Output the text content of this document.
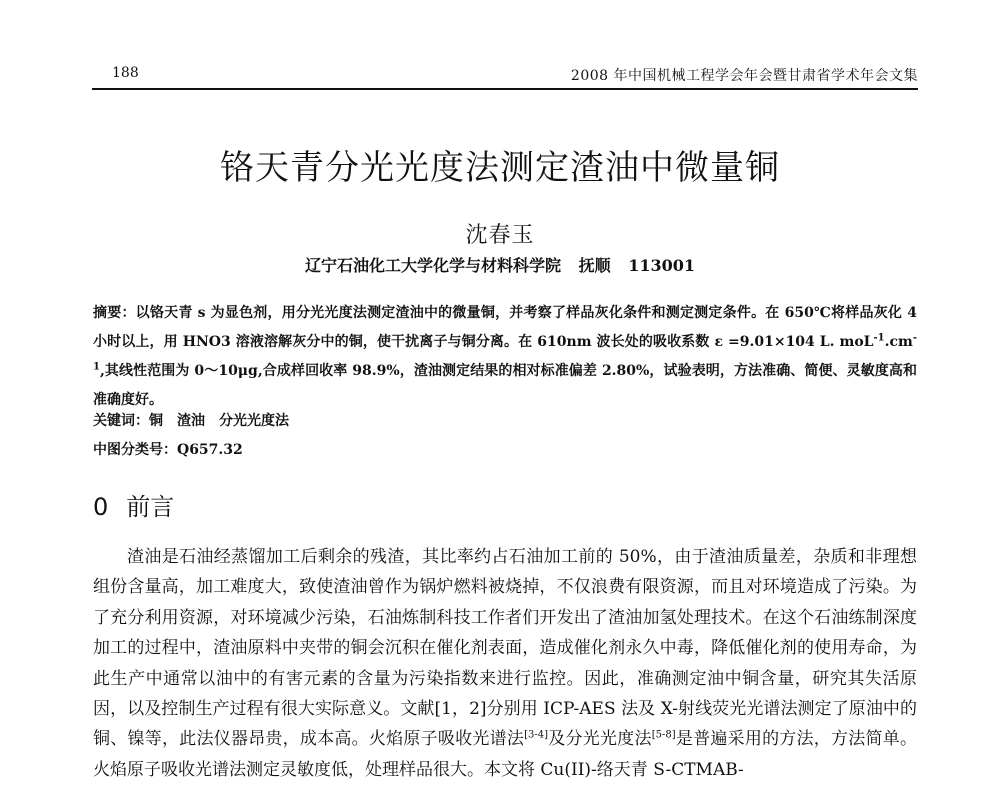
188	2008 年中国机械工程学会年会暨甘肃省学术年会文集
铬天青分光光度法测定渣油中微量铜
沈春玉
辽宁石油化工大学化学与材料科学院 抚顺 113001
摘要：以铬天青 s 为显色剂，用分光光度法测定渣油中的微量铜，并考察了样品灰化条件和测定测定条件。在 650℃将样品灰化 4 小时以上，用 HNO3 溶液溶解灰分中的铜，使干扰离子与铜分离。在 610nm 波长处的吸收系数 ε =9.01×104 L. $moL^{-1}.cm^{-1}$,其线性范围为 0～10μg,合成样回收率 98.9%，渣油测定结果的相对标准偏差 2.80%，试验表明，方法准确、简便、灵敏度高和准确度好。
关键词：铜　渣油　分光光度法
中图分类号：Q657.32
0 前言
渣油是石油经蒸馏加工后剩余的残渣，其比率约占石油加工前的 50%，由于渣油质量差，杂质和非理想组份含量高，加工难度大，致使渣油曾作为锅炉燃料被烧掉，不仅浪费有限资源，而且对环境造成了污染。为了充分利用资源，对环境减少污染，石油炼制科技工作者们开发出了渣油加氢处理技术。在这个石油练制深度加工的过程中，渣油原料中夹带的铜会沉积在催化剂表面，造成催化剂永久中毒，降低催化剂的使用寿命，为此生产中通常以油中的有害元素的含量为污染指数来进行监控。因此，准确测定油中铜含量，研究其失活原因，以及控制生产过程有很大实际意义。文献[1，2]分别用 ICP-AES 法及 X-射线荧光光谱法测定了原油中的铜、镍等，此法仪器昂贵，成本高。火焰原子吸收光谱法[3-4]及分光光度法[5-8]是普遍采用的方法，方法简单。火焰原子吸收光谱法测定灵敏度低，处理样品很大。本文将 Cu(II)-络天青 S-CTMAB-
